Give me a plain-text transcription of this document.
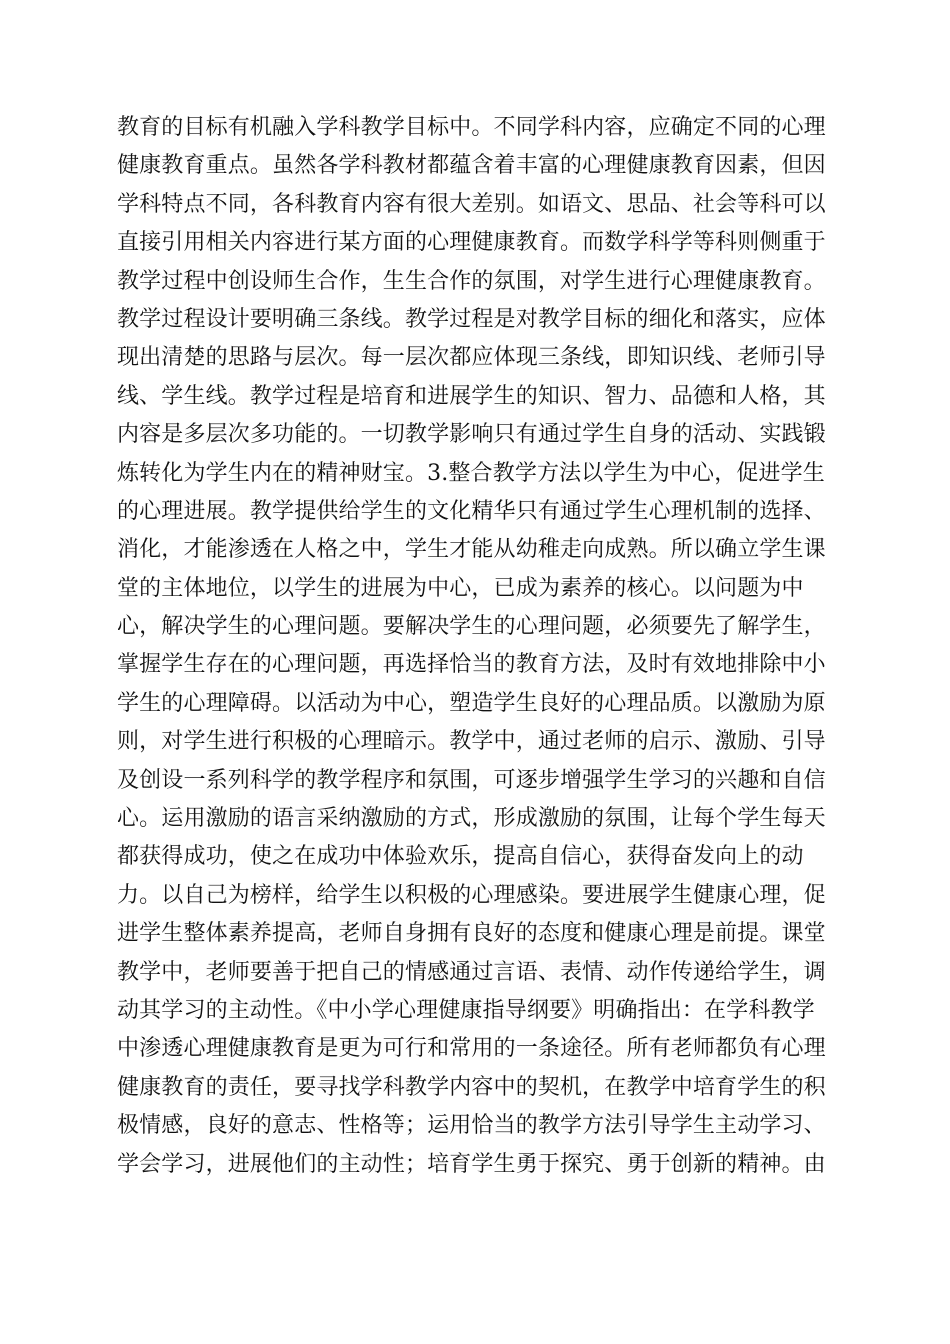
教育的目标有机融入学科教学目标中。不同学科内容，应确定不同的心理
健康教育重点。虽然各学科教材都蕴含着丰富的心理健康教育因素，但因
学科特点不同，各科教育内容有很大差别。如语文、思品、社会等科可以
直接引用相关内容进行某方面的心理健康教育。而数学科学等科则侧重于
教学过程中创设师生合作，生生合作的氛围，对学生进行心理健康教育。
教学过程设计要明确三条线。教学过程是对教学目标的细化和落实，应体
现出清楚的思路与层次。每一层次都应体现三条线，即知识线、老师引导
线、学生线。教学过程是培育和进展学生的知识、智力、品德和人格，其
内容是多层次多功能的。一切教学影响只有通过学生自身的活动、实践锻
炼转化为学生内在的精神财宝。3.整合教学方法以学生为中心，促进学生
的心理进展。教学提供给学生的文化精华只有通过学生心理机制的选择、
消化，才能渗透在人格之中，学生才能从幼稚走向成熟。所以确立学生课
堂的主体地位，以学生的进展为中心，已成为素养的核心。以问题为中
心，解决学生的心理问题。要解决学生的心理问题，必须要先了解学生，
掌握学生存在的心理问题，再选择恰当的教育方法，及时有效地排除中小
学生的心理障碍。以活动为中心，塑造学生良好的心理品质。以激励为原
则，对学生进行积极的心理暗示。教学中，通过老师的启示、激励、引导
及创设一系列科学的教学程序和氛围，可逐步增强学生学习的兴趣和自信
心。运用激励的语言采纳激励的方式，形成激励的氛围，让每个学生每天
都获得成功，使之在成功中体验欢乐，提高自信心，获得奋发向上的动
力。以自己为榜样，给学生以积极的心理感染。要进展学生健康心理，促
进学生整体素养提高，老师自身拥有良好的态度和健康心理是前提。课堂
教学中，老师要善于把自己的情感通过言语、表情、动作传递给学生，调
动其学习的主动性。《中小学心理健康指导纲要》明确指出：在学科教学
中渗透心理健康教育是更为可行和常用的一条途径。所有老师都负有心理
健康教育的责任，要寻找学科教学内容中的契机，在教学中培育学生的积
极情感，良好的意志、性格等；运用恰当的教学方法引导学生主动学习、
学会学习，进展他们的主动性；培育学生勇于探究、勇于创新的精神。由
